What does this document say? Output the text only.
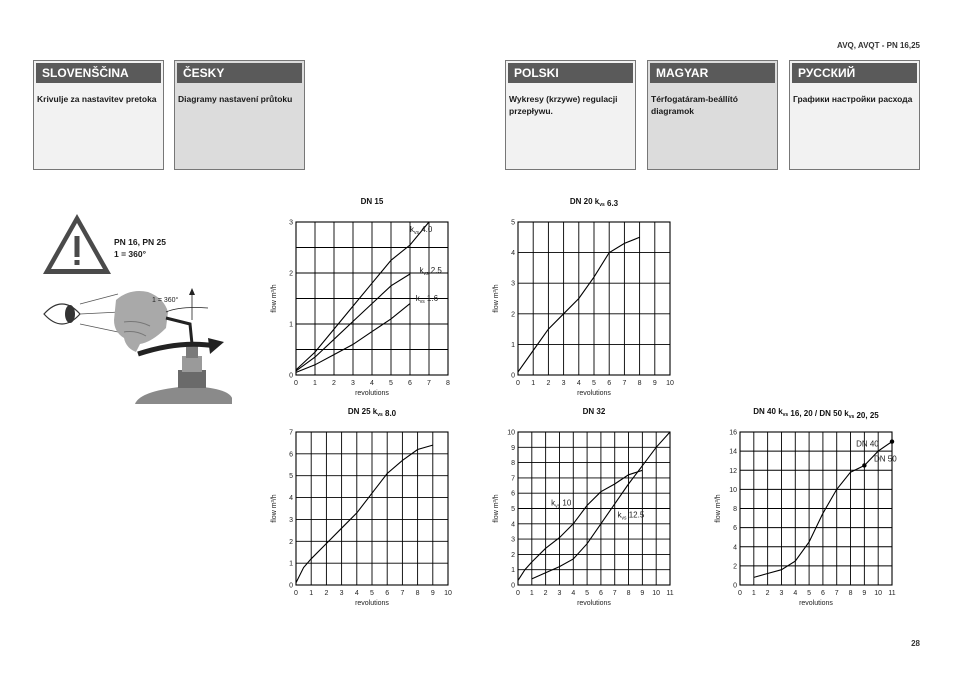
AVQ, AVQT - PN 16,25
SLOVENŠČINA
Krivulje za nastavitev pretoka
ČESKY
Diagramy nastavení průtoku
POLSKI
Wykresy (krzywe) regulacji przepływu.
MAGYAR
Térfogatáram-beállító diagramok
РУССКИЙ
Графики настройки расхода
PN 16, PN 25
1 = 360°
1 = 360°
0 1 2 3 4 5 6 7 8
0
1
2
3
revolutions
flow m³/h
DN 15
$k_{vs}$ 4.0
$k_{vs}$ 2.5
$k_{vs}$ 1.6
0 1 2 3 4 5 6 7 8 9 10
0
1
2
3
4
5
revolutions
flow m³/h
DN 20 $k_{vs}$ 6.3
0 1 2 3 4 5 6 7 8 9 10
0
1
2
3
4
5
6
7
revolutions
flow m³/h
DN 25 $k_{vs}$ 8.0
0 1 2 3 4 5 6 7 8 9 10 11
0
1
2
3
4
5
6
7
8
9
10
revolutions
flow m³/h
DN 32
$k_{vs}$ 10
$k_{vs}$ 12.5
0 1 2 3 4 5 6 7 8 9 10 11
0
2
4
6
8
10
12
14
16
revolutions
flow m³/h
DN 40 $k_{vs}$ 16, 20 / DN 50 $k_{vs}$ 20, 25
DN 40
DN 50
28
